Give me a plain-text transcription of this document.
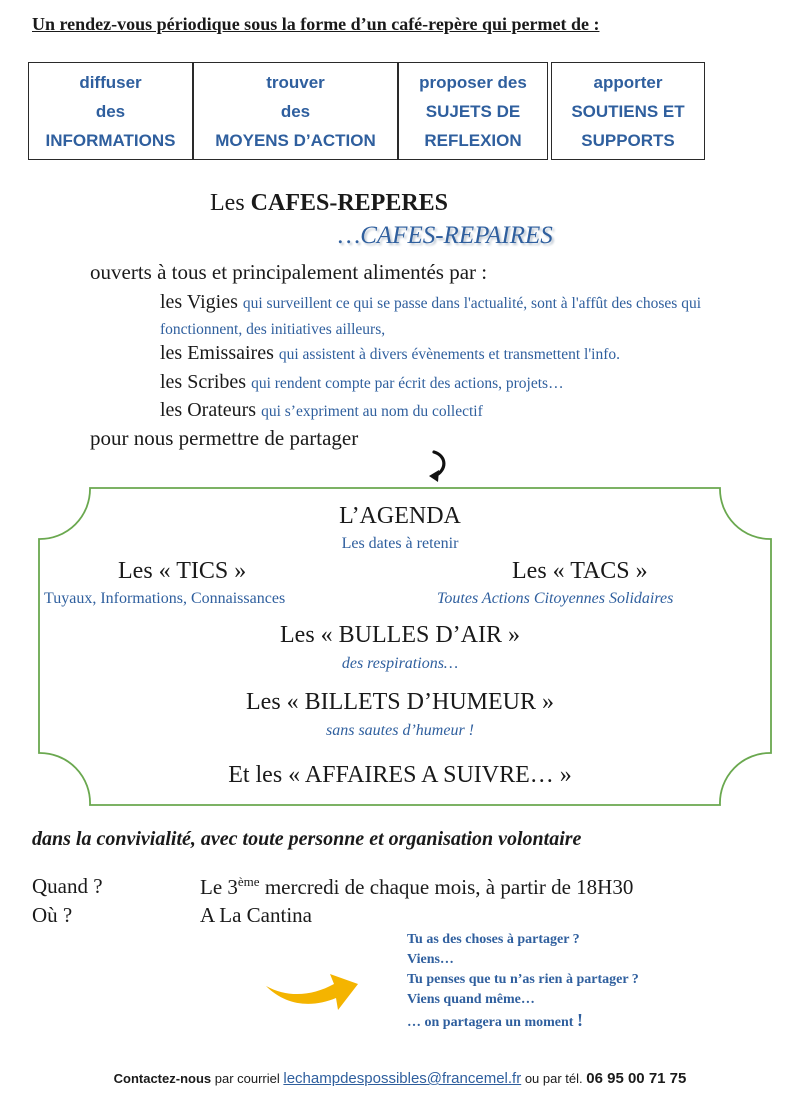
Un rendez-vous périodique sous la forme d’un café-repère qui permet de :
diffuser
des
INFORMATIONS
trouver
des
MOYENS D’ACTION
proposer des
SUJETS DE
REFLEXION
apporter
SOUTIENS ET
SUPPORTS
Les CAFES-REPERES
…CAFES-REPAIRES
ouverts à tous et principalement alimentés par :
les Vigies qui surveillent ce qui se passe dans l'actualité, sont à l'affût des choses qui fonctionnent, des initiatives ailleurs,
les Emissaires qui assistent à divers évènements et transmettent l'info.
les Scribes qui rendent compte par écrit des actions, projets…
les Orateurs qui s’expriment au nom du collectif
pour nous permettre de partager
L’AGENDA
Les dates à retenir
Les « TICS »
Tuyaux, Informations, Connaissances
Les « TACS »
Toutes Actions Citoyennes Solidaires
Les « BULLES D’AIR »
des respirations…
Les « BILLETS D’HUMEUR »
sans sautes d’humeur !
Et les « AFFAIRES A SUIVRE… »
dans la convivialité, avec toute personne et organisation volontaire
Quand ?	Le 3ème mercredi de chaque mois, à partir de 18H30
Où ?	A La Cantina
Tu as des choses à partager ?
Viens…
Tu penses que tu n’as rien à partager ?
Viens quand même…
… on partagera un moment !
Contactez-nous par courriel lechampdespossibles@francemel.fr ou par tél. 06 95 00 71 75
